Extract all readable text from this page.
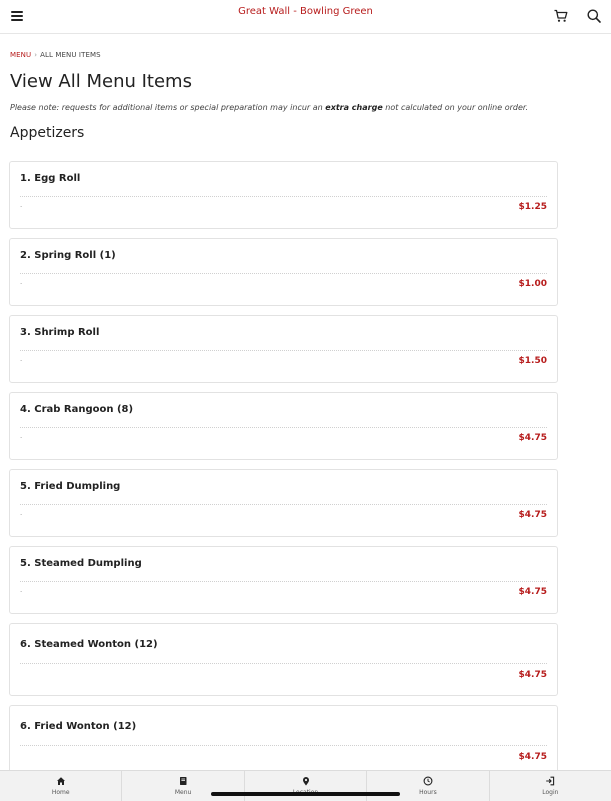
Great Wall - Bowling Green
MENU › ALL MENU ITEMS
View All Menu Items
Please note: requests for additional items or special preparation may incur an extra charge not calculated on your online order.
Appetizers
1. Egg Roll
.	$1.25
2. Spring Roll (1)
.	$1.00
3. Shrimp Roll
.	$1.50
4. Crab Rangoon (8)
.	$4.75
5. Fried Dumpling
.	$4.75
5. Steamed Dumpling
.	$4.75
6. Steamed Wonton (12)
$4.75
6. Fried Wonton (12)
$4.75
Home	Menu	Hours	Login
